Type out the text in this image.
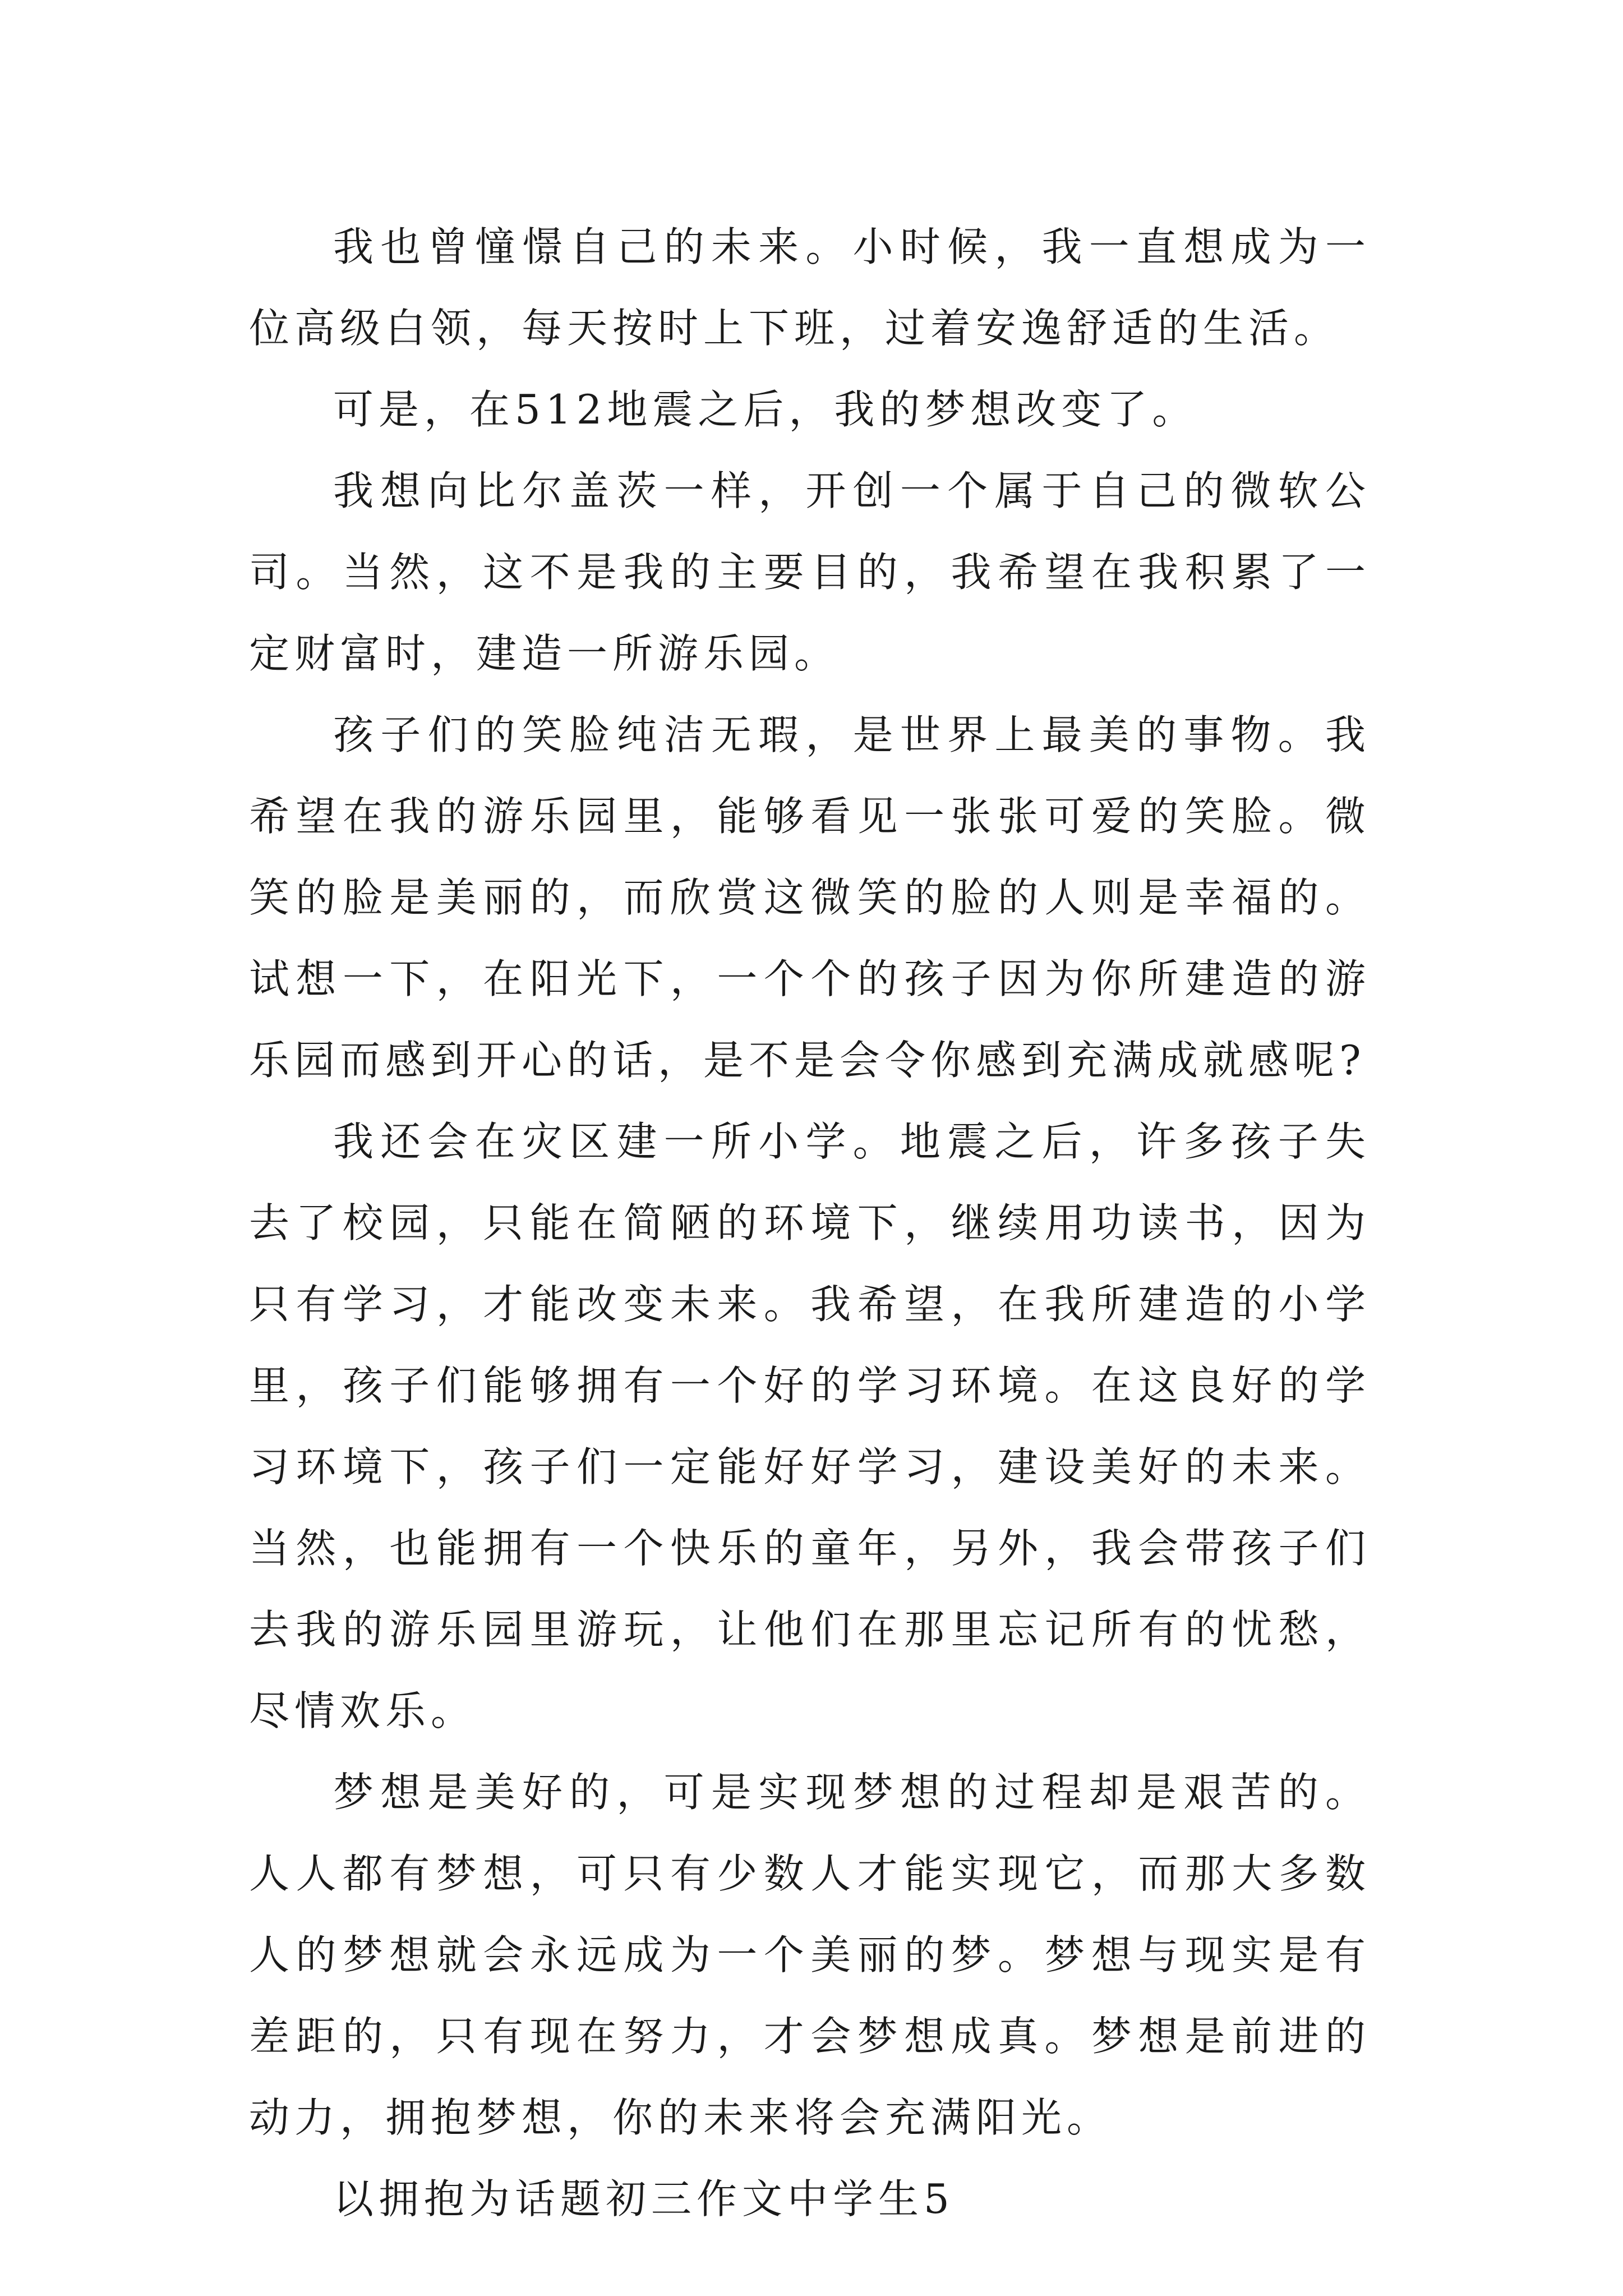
我也曾憧憬自己的未来。小时候，我一直想成为一位高级白领，每天按时上下班，过着安逸舒适的生活。

可是，在512地震之后，我的梦想改变了。

我想向比尔盖茨一样，开创一个属于自己的微软公司。当然，这不是我的主要目的，我希望在我积累了一定财富时，建造一所游乐园。

孩子们的笑脸纯洁无瑕，是世界上最美的事物。我希望在我的游乐园里，能够看见一张张可爱的笑脸。微笑的脸是美丽的，而欣赏这微笑的脸的人则是幸福的。试想一下，在阳光下，一个个的孩子因为你所建造的游乐园而感到开心的话，是不是会令你感到充满成就感呢?

我还会在灾区建一所小学。地震之后，许多孩子失去了校园，只能在简陋的环境下，继续用功读书，因为只有学习，才能改变未来。我希望，在我所建造的小学里，孩子们能够拥有一个好的学习环境。在这良好的学习环境下，孩子们一定能好好学习，建设美好的未来。当然，也能拥有一个快乐的童年，另外，我会带孩子们去我的游乐园里游玩，让他们在那里忘记所有的忧愁，尽情欢乐。

梦想是美好的，可是实现梦想的过程却是艰苦的。人人都有梦想，可只有少数人才能实现它，而那大多数人的梦想就会永远成为一个美丽的梦。梦想与现实是有差距的，只有现在努力，才会梦想成真。梦想是前进的动力，拥抱梦想，你的未来将会充满阳光。

以拥抱为话题初三作文中学生5
